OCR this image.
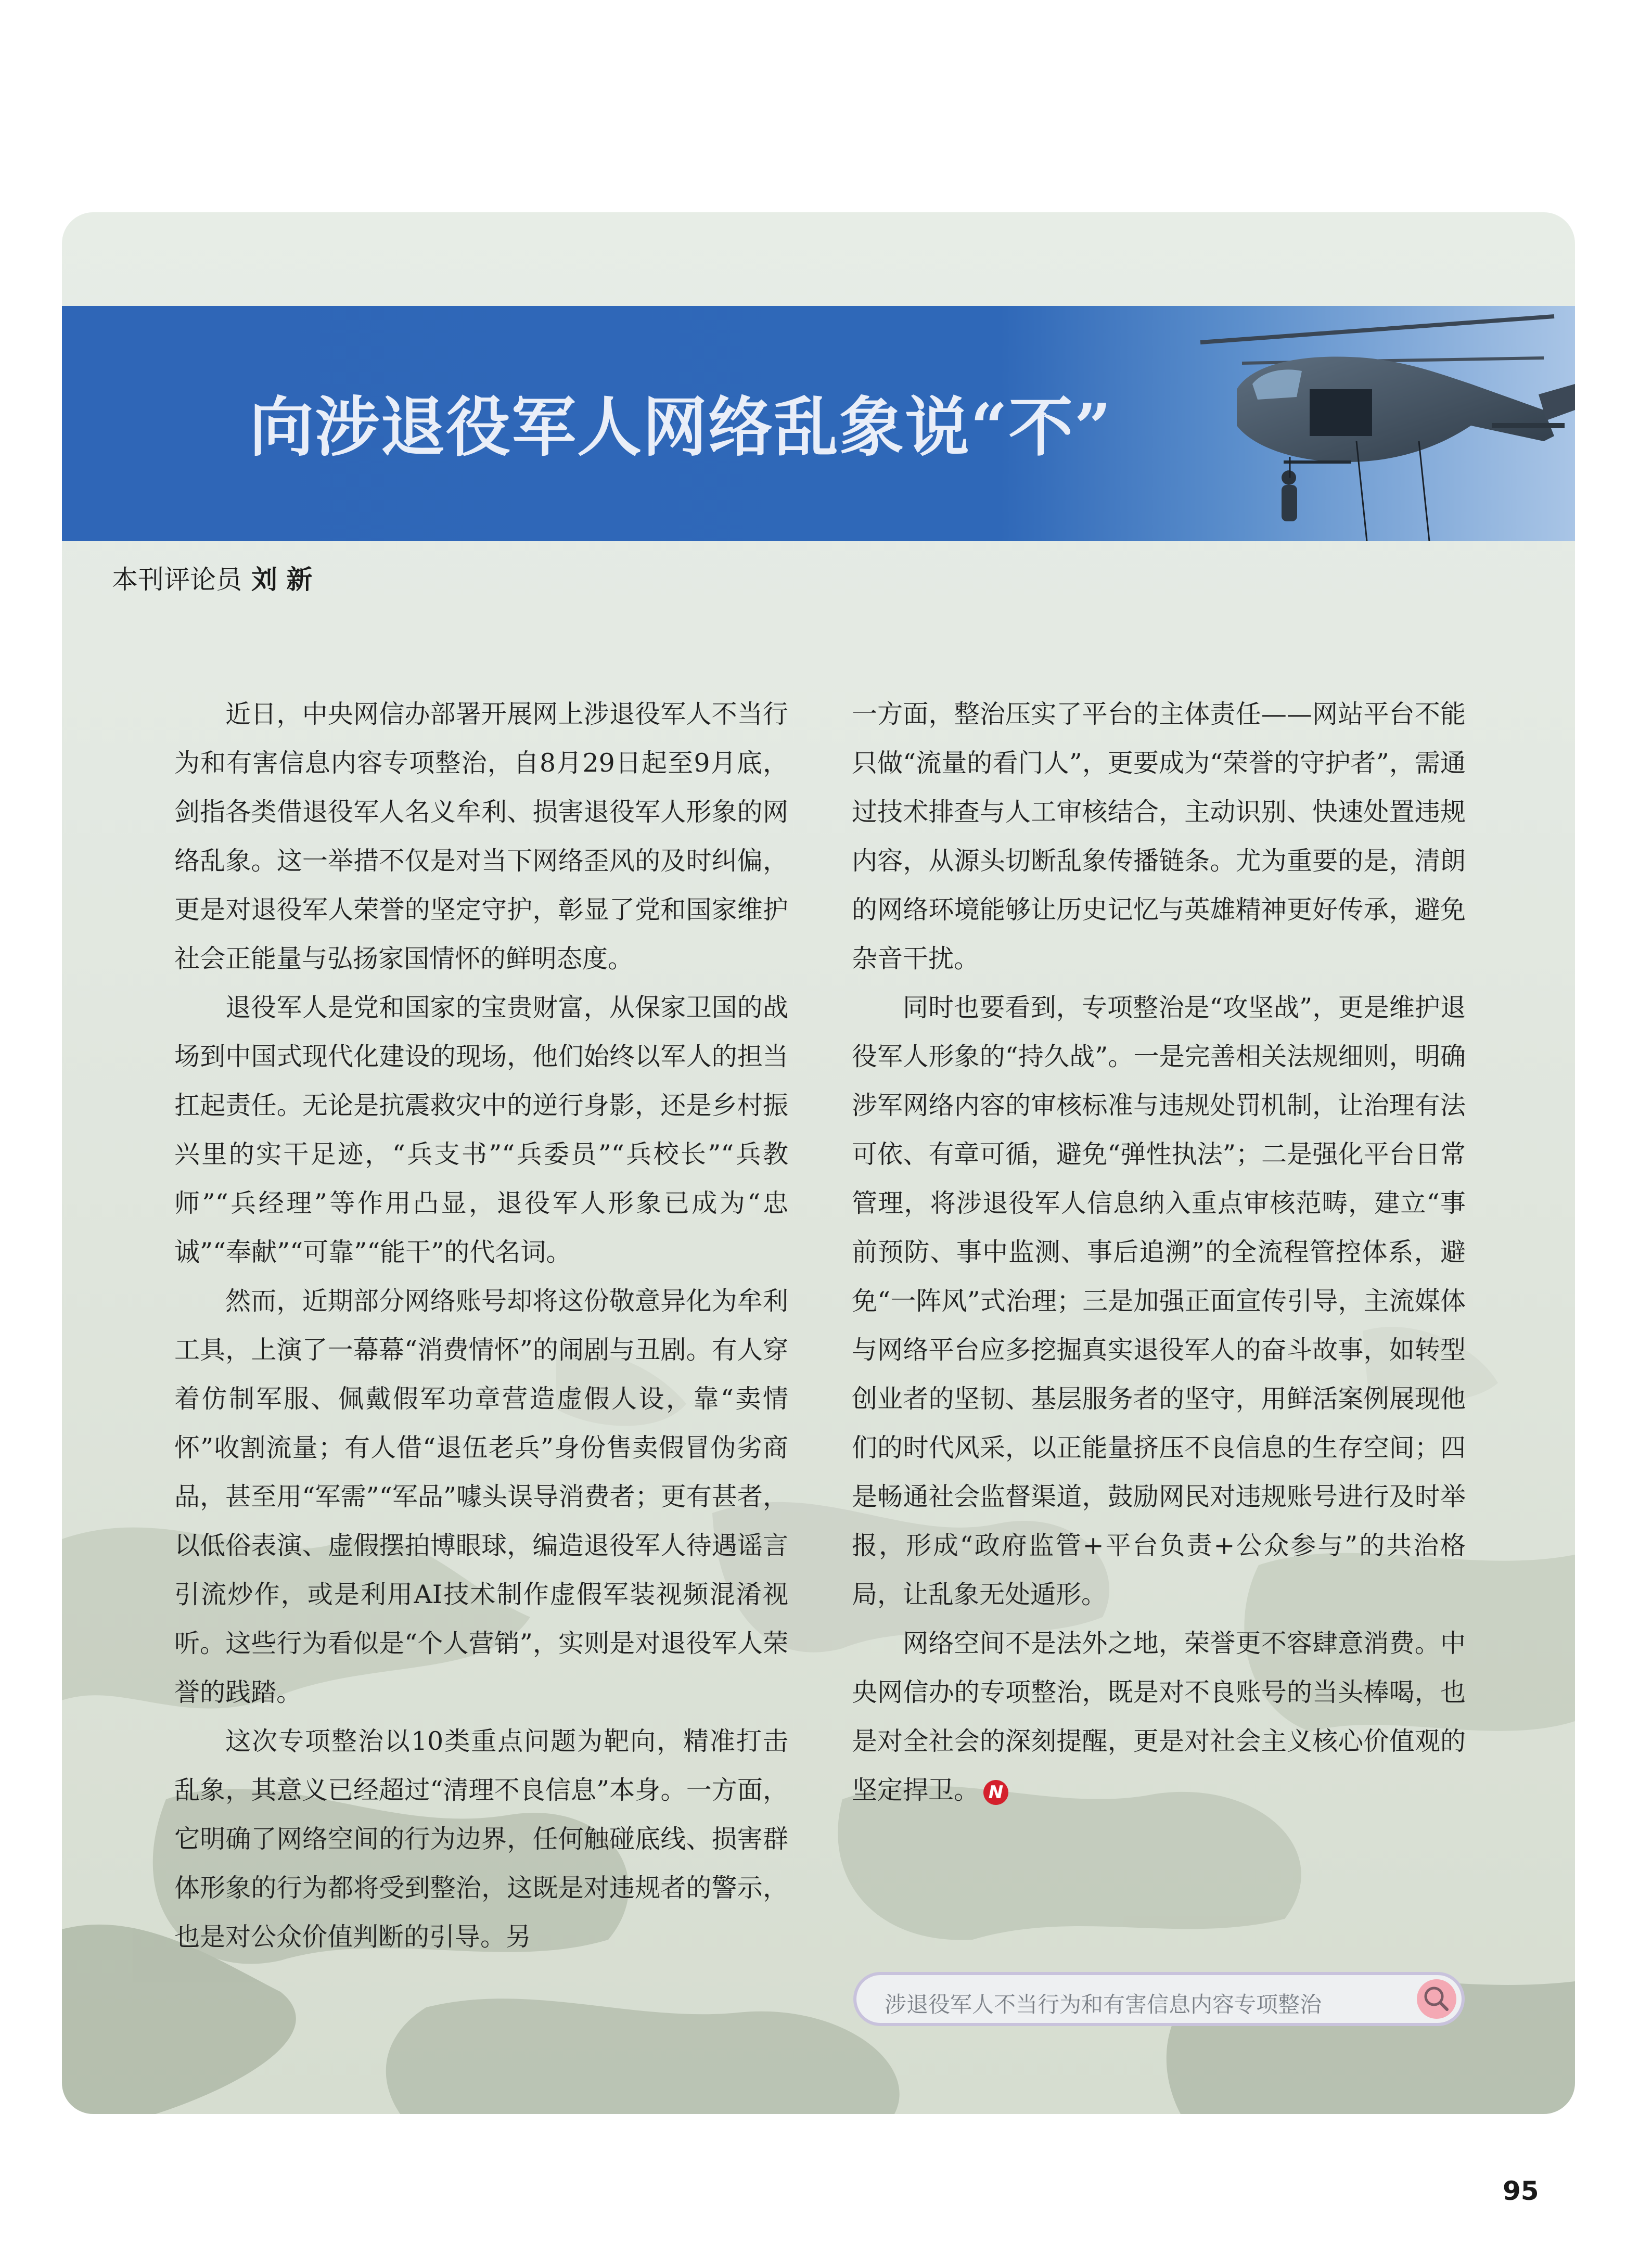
向涉退役军人网络乱象说“不”
本刊评论员 刘 新

近日，中央网信办部署开展网上涉退役军人不当行为和有害信息内容专项整治，自8月29日起至9月底，剑指各类借退役军人名义牟利、损害退役军人形象的网络乱象。这一举措不仅是对当下网络歪风的及时纠偏，更是对退役军人荣誉的坚定守护，彰显了党和国家维护社会正能量与弘扬家国情怀的鲜明态度。

退役军人是党和国家的宝贵财富，从保家卫国的战场到中国式现代化建设的现场，他们始终以军人的担当扛起责任。无论是抗震救灾中的逆行身影，还是乡村振兴里的实干足迹，“兵支书”“兵委员”“兵校长”“兵教师”“兵经理”等作用凸显，退役军人形象已成为“忠诚”“奉献”“可靠”“能干”的代名词。

然而，近期部分网络账号却将这份敬意异化为牟利工具，上演了一幕幕“消费情怀”的闹剧与丑剧。有人穿着仿制军服、佩戴假军功章营造虚假人设，靠“卖情怀”收割流量；有人借“退伍老兵”身份售卖假冒伪劣商品，甚至用“军需”“军品”噱头误导消费者；更有甚者，以低俗表演、虚假摆拍博眼球，编造退役军人待遇谣言引流炒作，或是利用AI技术制作虚假军装视频混淆视听。这些行为看似是“个人营销”，实则是对退役军人荣誉的践踏。

这次专项整治以10类重点问题为靶向，精准打击乱象，其意义已经超过“清理不良信息”本身。一方面，它明确了网络空间的行为边界，任何触碰底线、损害群体形象的行为都将受到整治，这既是对违规者的警示，也是对公众价值判断的引导。另

一方面，整治压实了平台的主体责任——网站平台不能只做“流量的看门人”，更要成为“荣誉的守护者”，需通过技术排查与人工审核结合，主动识别、快速处置违规内容，从源头切断乱象传播链条。尤为重要的是，清朗的网络环境能够让历史记忆与英雄精神更好传承，避免杂音干扰。

同时也要看到，专项整治是“攻坚战”，更是维护退役军人形象的“持久战”。一是完善相关法规细则，明确涉军网络内容的审核标准与违规处罚机制，让治理有法可依、有章可循，避免“弹性执法”；二是强化平台日常管理，将涉退役军人信息纳入重点审核范畴，建立“事前预防、事中监测、事后追溯”的全流程管控体系，避免“一阵风”式治理；三是加强正面宣传引导，主流媒体与网络平台应多挖掘真实退役军人的奋斗故事，如转型创业者的坚韧、基层服务者的坚守，用鲜活案例展现他们的时代风采，以正能量挤压不良信息的生存空间；四是畅通社会监督渠道，鼓励网民对违规账号进行及时举报，形成“政府监管+平台负责+公众参与”的共治格局，让乱象无处遁形。

网络空间不是法外之地，荣誉更不容肆意消费。中央网信办的专项整治，既是对不良账号的当头棒喝，也是对全社会的深刻提醒，更是对社会主义核心价值观的坚定捍卫。 N

涉退役军人不当行为和有害信息内容专项整治
95
